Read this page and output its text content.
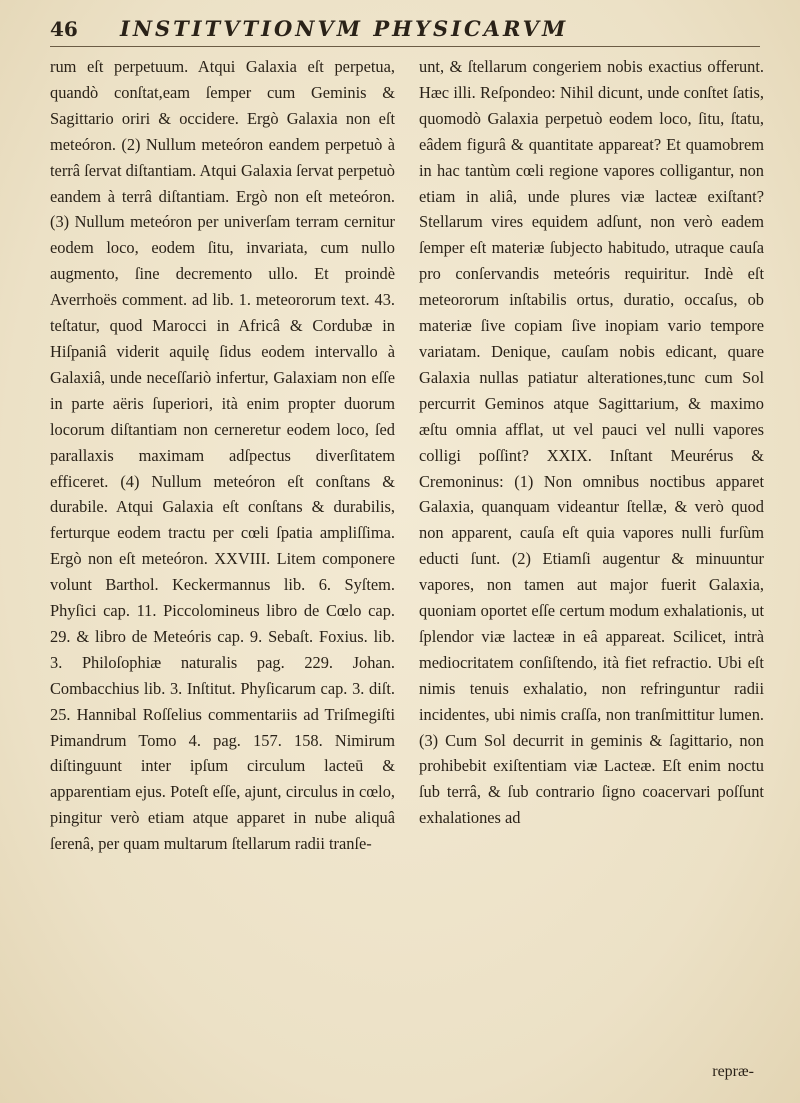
46	INSTITVTIONVM PHYSICARVM

rum eſt perpetuum. Atqui Galaxia eſt perpetua, quandò conſtat,eam ſemper cum Geminis & Sagittario oriri & occidere. Ergò Galaxia non eſt meteóron. (2) Nullum meteóron eandem perpetuò à terrâ ſervat diſtantiam. Atqui Galaxia ſervat perpetuò eandem à terrâ diſtantiam. Ergò non eſt meteóron. (3) Nullum meteóron per univerſam terram cernitur eodem loco, eodem ſitu, invariata, cum nullo augmento, ſine decremento ullo. Et proindè Averrhoës comment. ad lib. 1. meteororum text. 43. teſtatur, quod Marocci in Africâ & Cordubæ in Hiſpaniâ viderit aquilę ſidus eodem intervallo à Galaxiâ, unde neceſſariò infertur, Galaxiam non eſſe in parte aëris ſuperiori, ità enim propter duorum locorum diſtantiam non cerneretur eodem loco, ſed parallaxis maximam adſpectus diverſitatem efficeret. (4) Nullum meteóron eſt conſtans & durabile. Atqui Galaxia eſt conſtans & durabilis, ferturque eodem tractu per cœli ſpatia ampliſſima. Ergò non eſt meteóron. XXVIII. Litem componere volunt Barthol. Keckermannus lib. 6. Syſtem. Phyſici cap. 11. Piccolomineus libro de Cœlo cap. 29. & libro de Meteóris cap. 9. Sebaſt. Foxius. lib. 3. Philoſophiæ naturalis pag. 229. Johan. Combacchius lib. 3. Inſtitut. Phyſicarum cap. 3. diſt. 25. Hannibal Roſſelius commentariis ad Triſmegiſti Pimandrum Tomo 4. pag. 157. 158. Nimirum diſtinguunt inter ipſum circulum lacteū & apparentiam ejus. Poteſt eſſe, ajunt, circulus in cœlo, pingitur verò etiam atque apparet in nube aliquâ ſerenâ, per quam multarum ſtellarum radii tranſe-

unt, & ſtellarum congeriem nobis exactius offerunt. Hæc illi. Reſpondeo: Nihil dicunt, unde conſtet ſatis, quomodò Galaxia perpetuò eodem loco, ſitu, ſtatu, eâdem figurâ & quantitate appareat? Et quamobrem in hac tantùm cœli regione vapores colligantur, non etiam in aliâ, unde plures viæ lacteæ exiſtant? Stellarum vires equidem adſunt, non verò eadem ſemper eſt materiæ ſubjecto habitudo, utraque cauſa pro conſervandis meteóris requiritur. Indè eſt meteororum inſtabilis ortus, duratio, occaſus, ob materiæ ſive copiam ſive inopiam vario tempore variatam. Denique, cauſam nobis edicant, quare Galaxia nullas patiatur alterationes,tunc cum Sol percurrit Geminos atque Sagittarium, & maximo æſtu omnia afflat, ut vel pauci vel nulli vapores colligi poſſint? XXIX. Inſtant Meurérus & Cremoninus: (1) Non omnibus noctibus apparet Galaxia, quanquam videantur ſtellæ, & verò quod non apparent, cauſa eſt quia vapores nulli furſùm educti ſunt. (2) Etiamſi augentur & minuuntur vapores, non tamen aut major fuerit Galaxia, quoniam oportet eſſe certum modum exhalationis, ut ſplendor viæ lacteæ in eâ appareat. Scilicet, intrà mediocritatem conſiſtendo, ità fiet refractio. Ubi eſt nimis tenuis exhalatio, non refringuntur radii incidentes, ubi nimis craſſa, non tranſmittitur lumen. (3) Cum Sol decurrit in geminis & ſagittario, non prohibebit exiſtentiam viæ Lacteæ. Eſt enim noctu ſub terrâ, & ſub contrario ſigno coacervari poſſunt exhalationes ad

repræ-
